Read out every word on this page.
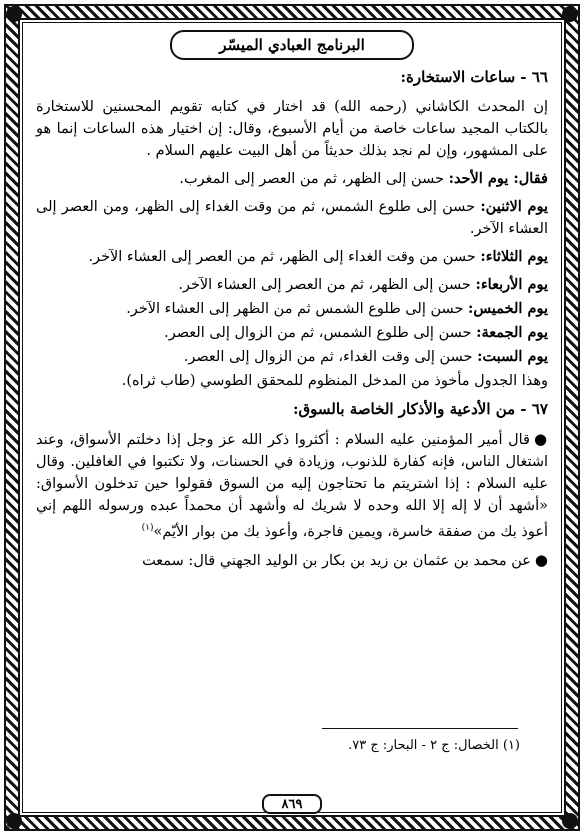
البرنامج العبادي الميسّر

٦٦ - ساعات الاستخارة:

إن المحدث الكاشاني (رحمه الله) قد اختار في كتابه تقويم المحسنين للاستخارة بالكتاب المجيد ساعات خاصة من أيام الأسبوع، وقال: إن اختيار هذه الساعات إنما هو على المشهور، وإن لم نجد بذلك حديثاً من أهل البيت عليهم السلام .

فقال: يوم الأحد: حسن إلى الظهر، ثم من العصر إلى المغرب.

يوم الاثنين: حسن إلى طلوع الشمس، ثم من وقت الغداء إلى الظهر، ومن العصر إلى العشاء الآخر.

يوم الثلاثاء: حسن من وقت الغداء إلى الظهر، ثم من العصر إلى العشاء الآخر.

يوم الأربعاء: حسن إلى الظهر، ثم من العصر إلى العشاء الآخر.

يوم الخميس: حسن إلى طلوع الشمس ثم من الظهر إلى العشاء الآخر.

يوم الجمعة: حسن إلى طلوع الشمس، ثم من الزوال إلى العصر.

يوم السبت: حسن إلى وقت الغداء، ثم من الزوال إلى العصر.

وهذا الجدول مأخوذ من المدخل المنظوم للمحقق الطوسي (طاب ثراه).

٦٧ - من الأدعية والأذكار الخاصة بالسوق:

●قال أمير المؤمنين عليه السلام : أكثروا ذكر الله عز وجل إذا دخلتم الأسواق، وعند اشتغال الناس، فإنه كفارة للذنوب، وزيادة في الحسنات، ولا تكتبوا في الغافلين. وقال عليه السلام : إذا اشتريتم ما تحتاجون إليه من السوق فقولوا حين تدخلون الأسواق: «أشهد أن لا إله إلا الله وحده لا شريك له وأشهد أن محمداً عبده ورسوله اللهم إني أعوذ بك من صفقة خاسرة، ويمين فاجرة، وأعوذ بك من بوار الأيّم»$^{(١)}$

●عن محمد بن عثمان بن زيد بن بكار بن الوليد الجهني قال: سمعت

(١) الخصال: ج ٢ - البحار: ج ٧٣.
٨٦٩
